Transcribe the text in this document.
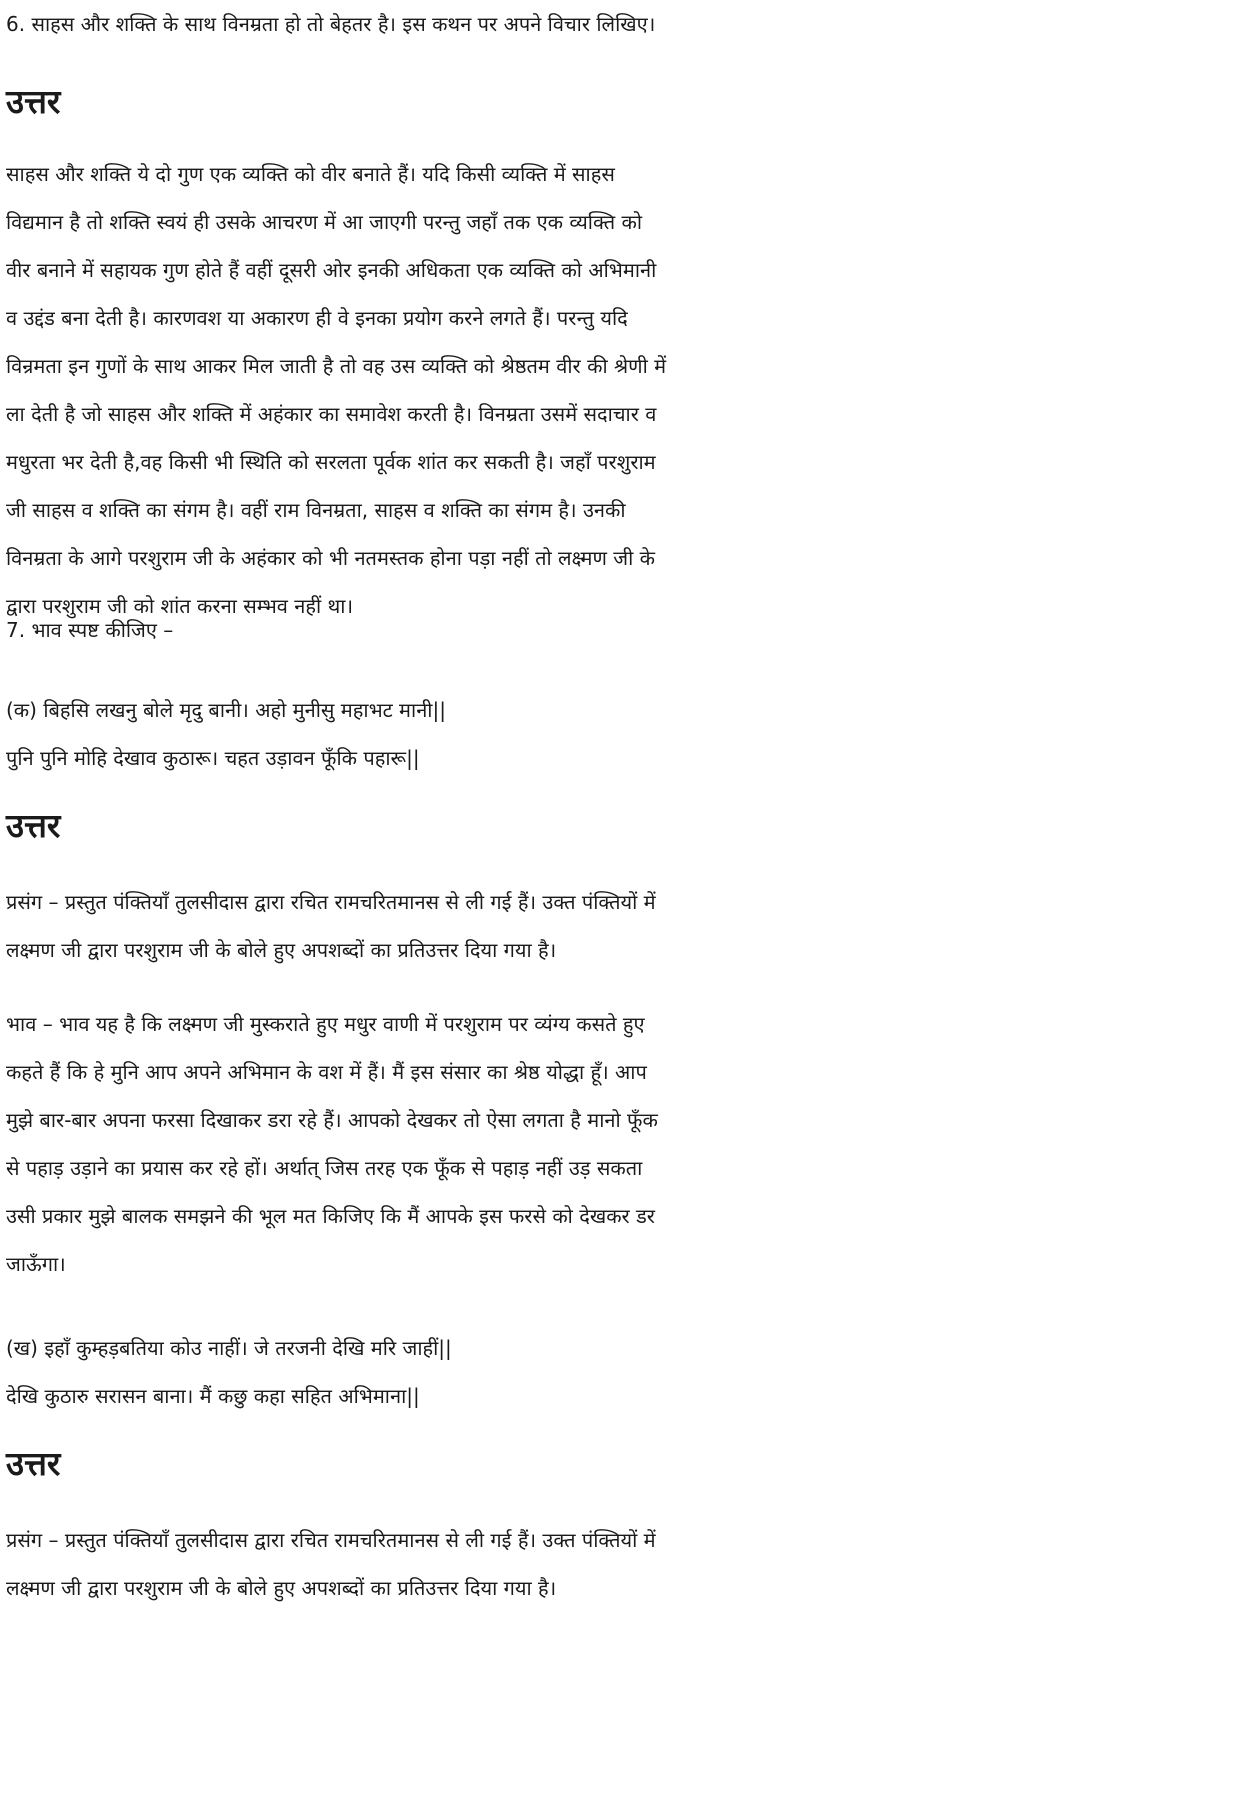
6. साहस और शक्ति के साथ विनम्रता हो तो बेहतर है। इस कथन पर अपने विचार लिखिए।

उत्तर

साहस और शक्ति ये दो गुण एक व्यक्ति को वीर बनाते हैं। यदि किसी व्यक्ति में साहस
विद्यमान है तो शक्ति स्वयं ही उसके आचरण में आ जाएगी परन्तु जहाँ तक एक व्यक्ति को
वीर बनाने में सहायक गुण होते हैं वहीं दूसरी ओर इनकी अधिकता एक व्यक्ति को अभिमानी
व उद्दंड बना देती है। कारणवश या अकारण ही वे इनका प्रयोग करने लगते हैं। परन्तु यदि
विन्रमता इन गुणों के साथ आकर मिल जाती है तो वह उस व्यक्ति को श्रेष्ठतम वीर की श्रेणी में
ला देती है जो साहस और शक्ति में अहंकार का समावेश करती है। विनम्रता उसमें सदाचार व
मधुरता भर देती है,वह किसी भी स्थिति को सरलता पूर्वक शांत कर सकती है। जहाँ परशुराम
जी साहस व शक्ति का संगम है। वहीं राम विनम्रता, साहस व शक्ति का संगम है। उनकी
विनम्रता के आगे परशुराम जी के अहंकार को भी नतमस्तक होना पड़ा नहीं तो लक्ष्मण जी के
द्वारा परशुराम जी को शांत करना सम्भव नहीं था।

7. भाव स्पष्ट कीजिए –

(क) बिहसि लखनु बोले मृदु बानी। अहो मुनीसु महाभट मानी||
पुनि पुनि मोहि देखाव कुठारू। चहत उड़ावन फूँकि पहारू||

उत्तर

प्रसंग – प्रस्तुत पंक्तियाँ तुलसीदास द्वारा रचित रामचरितमानस से ली गई हैं। उक्त पंक्तियों में
लक्ष्मण जी द्वारा परशुराम जी के बोले हुए अपशब्दों का प्रतिउत्तर दिया गया है।
भाव – भाव यह है कि लक्ष्मण जी मुस्कराते हुए मधुर वाणी में परशुराम पर व्यंग्य कसते हुए
कहते हैं कि हे मुनि आप अपने अभिमान के वश में हैं। मैं इस संसार का श्रेष्ठ योद्धा हूँ। आप
मुझे बार-बार अपना फरसा दिखाकर डरा रहे हैं। आपको देखकर तो ऐसा लगता है मानो फूँक
से पहाड़ उड़ाने का प्रयास कर रहे हों। अर्थात् जिस तरह एक फूँक से पहाड़ नहीं उड़ सकता
उसी प्रकार मुझे बालक समझने की भूल मत किजिए कि मैं आपके इस फरसे को देखकर डर
जाऊँगा।
(ख) इहाँ कुम्हड़बतिया कोउ नाहीं। जे तरजनी देखि मरि जाहीं||
देखि कुठारु सरासन बाना। मैं कछु कहा सहित अभिमाना||

उत्तर

प्रसंग – प्रस्तुत पंक्तियाँ तुलसीदास द्वारा रचित रामचरितमानस से ली गई हैं। उक्त पंक्तियों में
लक्ष्मण जी द्वारा परशुराम जी के बोले हुए अपशब्दों का प्रतिउत्तर दिया गया है।
